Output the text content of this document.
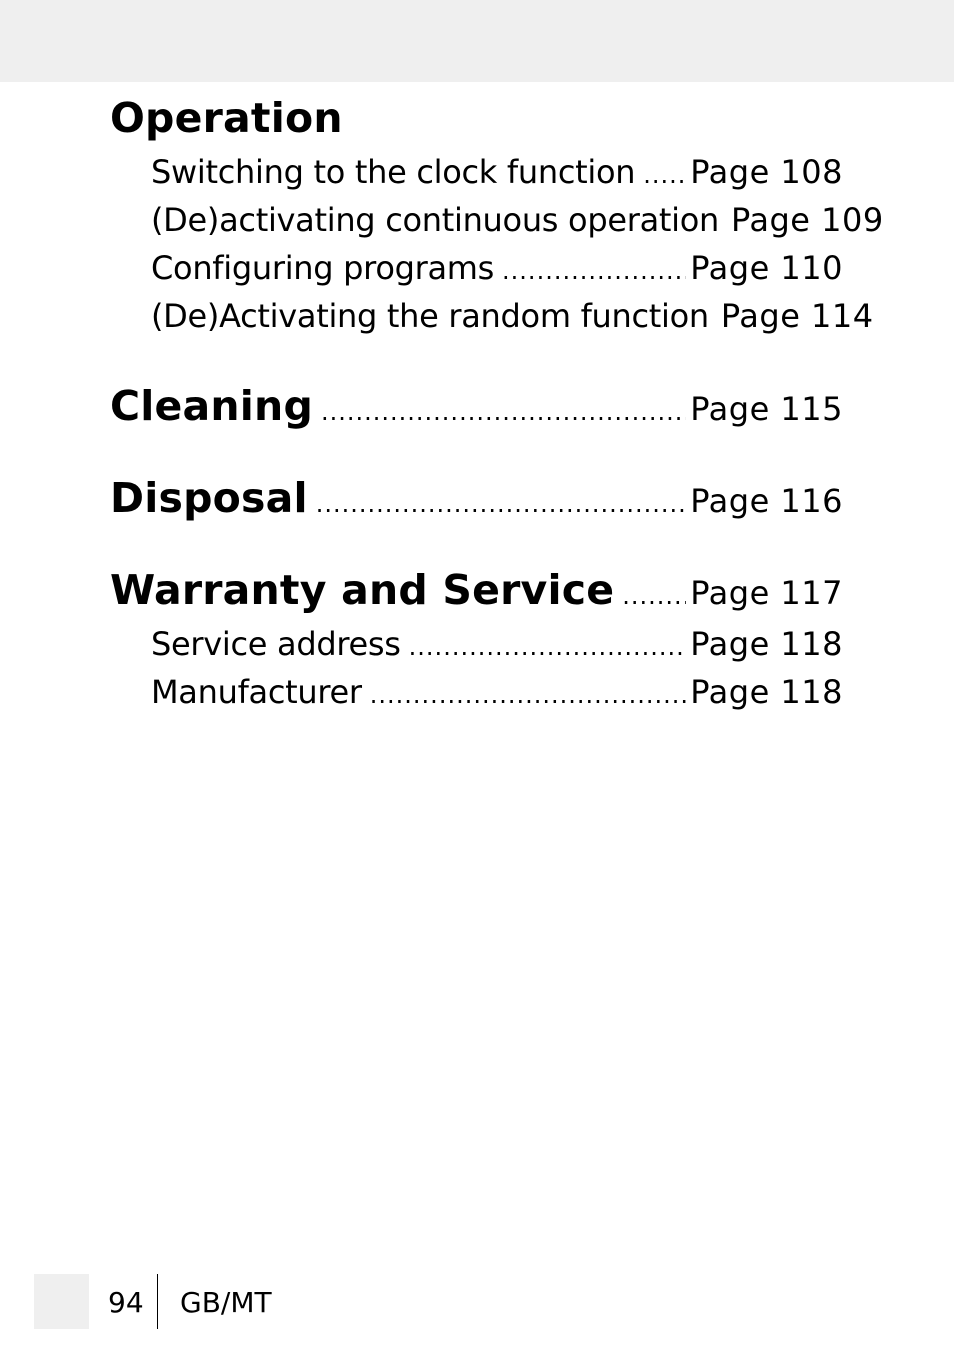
Operation
Switching to the clock function ..... Page 108
(De)activating continuous operation Page 109
Configuring programs .....	Page 110
(De)Activating the random function Page 114
Cleaning .....	Page 115
Disposal .....	Page 116
Warranty and Service ..... Page 117
Service address .....	Page 118
Manufacturer .....	Page 118
94 GB/MT
